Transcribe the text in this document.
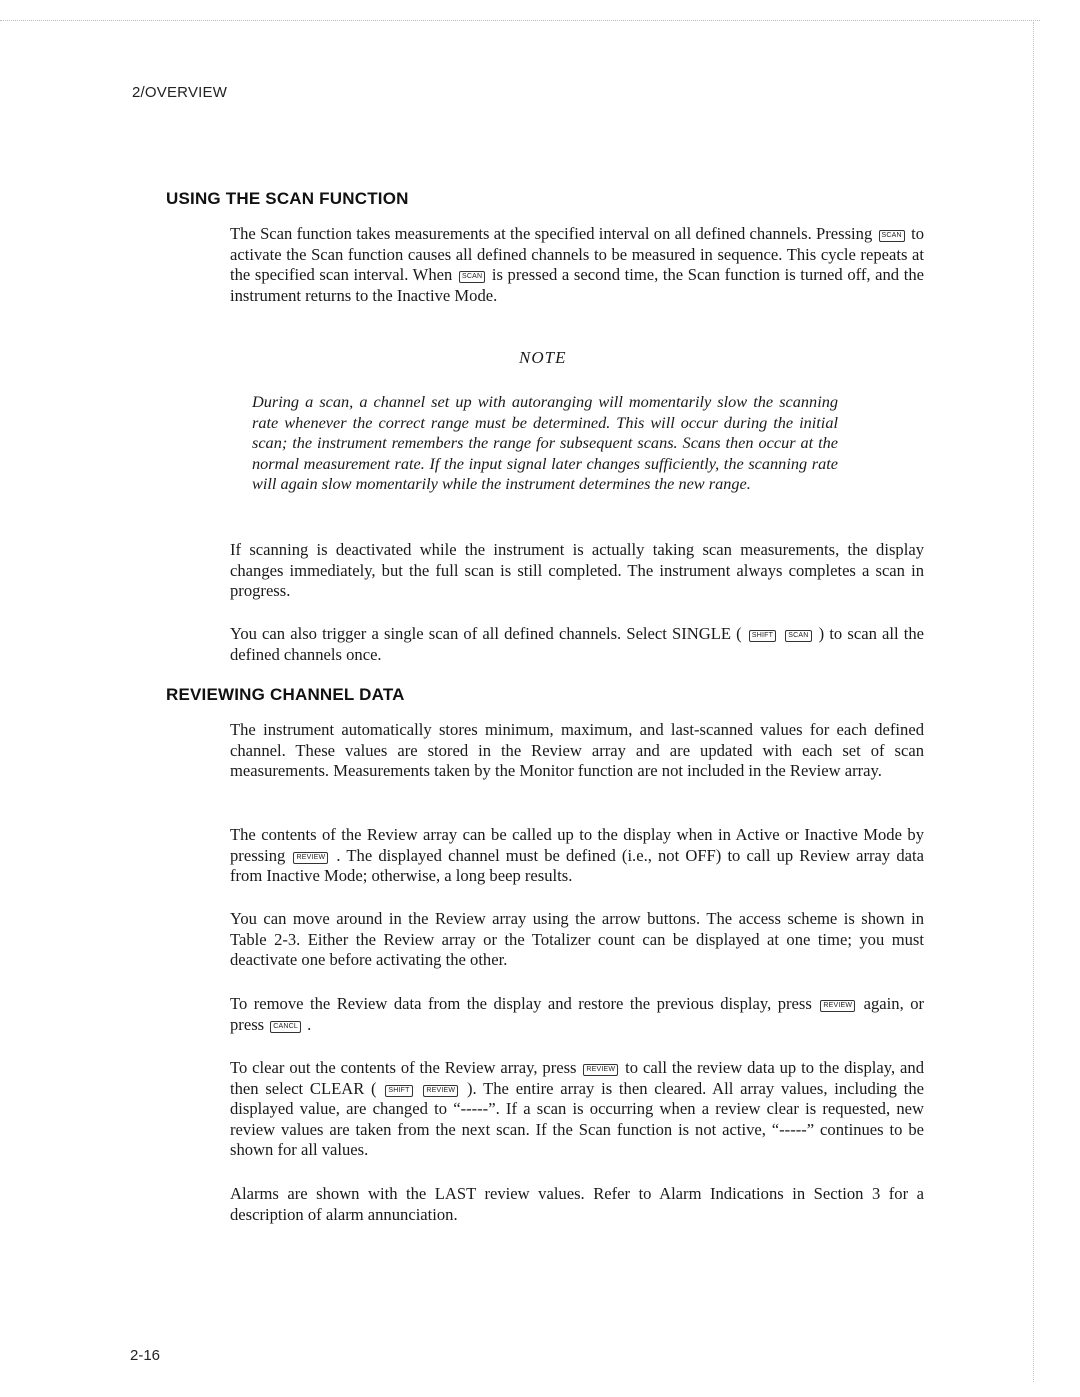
2/OVERVIEW
USING THE SCAN FUNCTION

The Scan function takes measurements at the specified interval on all defined channels. Pressing SCAN to activate the Scan function causes all defined channels to be measured in sequence. This cycle repeats at the specified scan interval. When SCAN is pressed a second time, the Scan function is turned off, and the instrument returns to the Inactive Mode.

NOTE

During a scan, a channel set up with autoranging will momentarily slow the scanning rate whenever the correct range must be determined. This will occur during the initial scan; the instrument remembers the range for subsequent scans. Scans then occur at the normal measurement rate. If the input signal later changes sufficiently, the scanning rate will again slow momentarily while the instrument determines the new range.

If scanning is deactivated while the instrument is actually taking scan measurements, the display changes immediately, but the full scan is still completed. The instrument always completes a scan in progress.

You can also trigger a single scan of all defined channels. Select SINGLE ( SHIFT SCAN ) to scan all the defined channels once.

REVIEWING CHANNEL DATA

The instrument automatically stores minimum, maximum, and last-scanned values for each defined channel. These values are stored in the Review array and are updated with each set of scan measurements. Measurements taken by the Monitor function are not included in the Review array.

The contents of the Review array can be called up to the display when in Active or Inactive Mode by pressing REVIEW . The displayed channel must be defined (i.e., not OFF) to call up Review array data from Inactive Mode; otherwise, a long beep results.

You can move around in the Review array using the arrow buttons. The access scheme is shown in Table 2-3. Either the Review array or the Totalizer count can be displayed at one time; you must deactivate one before activating the other.

To remove the Review data from the display and restore the previous display, press REVIEW again, or press CANCL .

To clear out the contents of the Review array, press REVIEW to call the review data up to the display, and then select CLEAR ( SHIFT REVIEW ). The entire array is then cleared. All array values, including the displayed value, are changed to “-----”. If a scan is occurring when a review clear is requested, new review values are taken from the next scan. If the Scan function is not active, “-----” continues to be shown for all values.

Alarms are shown with the LAST review values. Refer to Alarm Indications in Section 3 for a description of alarm annunciation.

2-16
